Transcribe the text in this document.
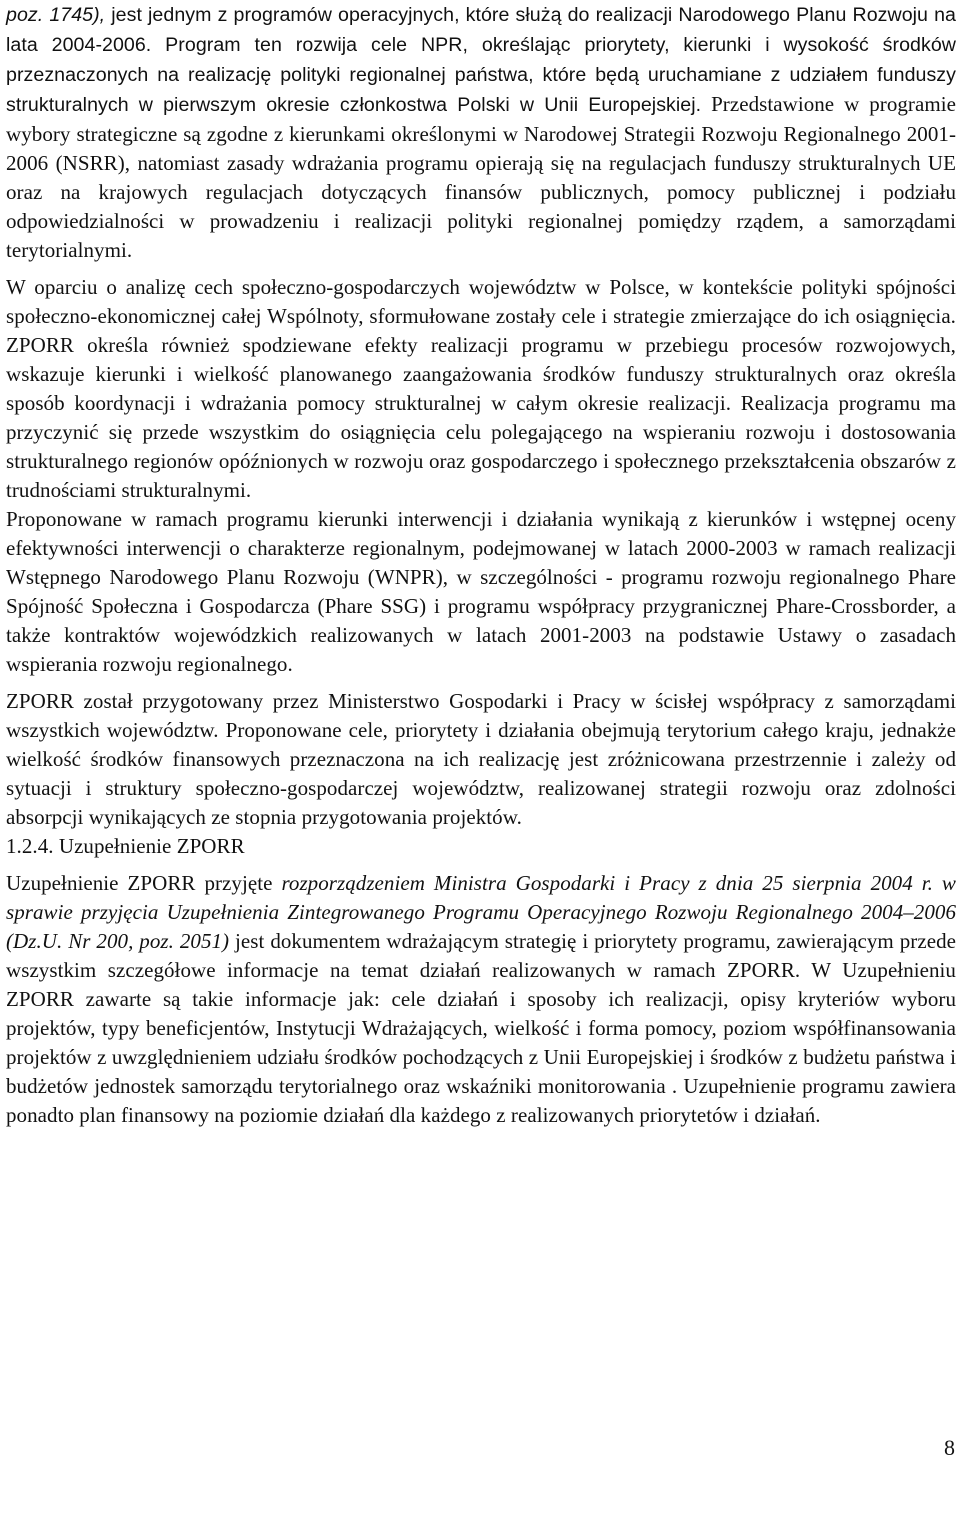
poz. 1745), jest jednym z programów operacyjnych, które służą do realizacji Narodowego Planu Rozwoju na lata 2004-2006. Program ten rozwija cele NPR, określając priorytety, kierunki i wysokość środków przeznaczonych na realizację polityki regionalnej państwa, które będą uruchamiane z udziałem funduszy strukturalnych w pierwszym okresie członkostwa Polski w Unii Europejskiej. Przedstawione w programie wybory strategiczne są zgodne z kierunkami określonymi w Narodowej Strategii Rozwoju Regionalnego 2001-2006 (NSRR), natomiast zasady wdrażania programu opierają się na regulacjach funduszy strukturalnych UE oraz na krajowych regulacjach dotyczących finansów publicznych, pomocy publicznej i podziału odpowiedzialności w prowadzeniu i realizacji polityki regionalnej pomiędzy rządem, a samorządami terytorialnymi.

W oparciu o analizę cech społeczno-gospodarczych województw w Polsce, w kontekście polityki spójności społeczno-ekonomicznej całej Wspólnoty, sformułowane zostały cele i strategie zmierzające do ich osiągnięcia. ZPORR określa również spodziewane efekty realizacji programu w przebiegu procesów rozwojowych, wskazuje kierunki i wielkość planowanego zaangażowania środków funduszy strukturalnych oraz określa sposób koordynacji i wdrażania pomocy strukturalnej w całym okresie realizacji. Realizacja programu ma przyczynić się przede wszystkim do osiągnięcia celu polegającego na wspieraniu rozwoju i dostosowania strukturalnego regionów opóźnionych w rozwoju oraz gospodarczego i społecznego przekształcenia obszarów z trudnościami strukturalnymi.

Proponowane w ramach programu kierunki interwencji i działania wynikają z kierunków i wstępnej oceny efektywności interwencji o charakterze regionalnym, podejmowanej w latach 2000-2003 w ramach realizacji Wstępnego Narodowego Planu Rozwoju (WNPR), w szczególności - programu rozwoju regionalnego Phare Spójność Społeczna i Gospodarcza (Phare SSG) i programu współpracy przygranicznej Phare-Crossborder, a także kontraktów wojewódzkich realizowanych w latach 2001-2003 na podstawie Ustawy o zasadach wspierania rozwoju regionalnego.

ZPORR został przygotowany przez Ministerstwo Gospodarki i Pracy w ścisłej współpracy z samorządami wszystkich województw. Proponowane cele, priorytety i działania obejmują terytorium całego kraju, jednakże wielkość środków finansowych przeznaczona na ich realizację jest zróżnicowana przestrzennie i zależy od sytuacji i struktury społeczno-gospodarczej województw, realizowanej strategii rozwoju oraz zdolności absorpcji wynikających ze stopnia przygotowania projektów.

1.2.4. Uzupełnienie ZPORR

Uzupełnienie ZPORR przyjęte rozporządzeniem Ministra Gospodarki i Pracy z dnia 25 sierpnia 2004 r. w sprawie przyjęcia Uzupełnienia Zintegrowanego Programu Operacyjnego Rozwoju Regionalnego 2004–2006 (Dz.U. Nr 200, poz. 2051) jest dokumentem wdrażającym strategię i priorytety programu, zawierającym przede wszystkim szczegółowe informacje na temat działań realizowanych w ramach ZPORR. W Uzupełnieniu ZPORR zawarte są takie informacje jak: cele działań i sposoby ich realizacji, opisy kryteriów wyboru projektów, typy beneficjentów, Instytucji Wdrażających, wielkość i forma pomocy, poziom współfinansowania projektów z uwzględnieniem udziału środków pochodzących z Unii Europejskiej i środków z budżetu państwa i budżetów jednostek samorządu terytorialnego oraz wskaźniki monitorowania . Uzupełnienie programu zawiera ponadto plan finansowy na poziomie działań dla każdego z realizowanych priorytetów i działań.

8
